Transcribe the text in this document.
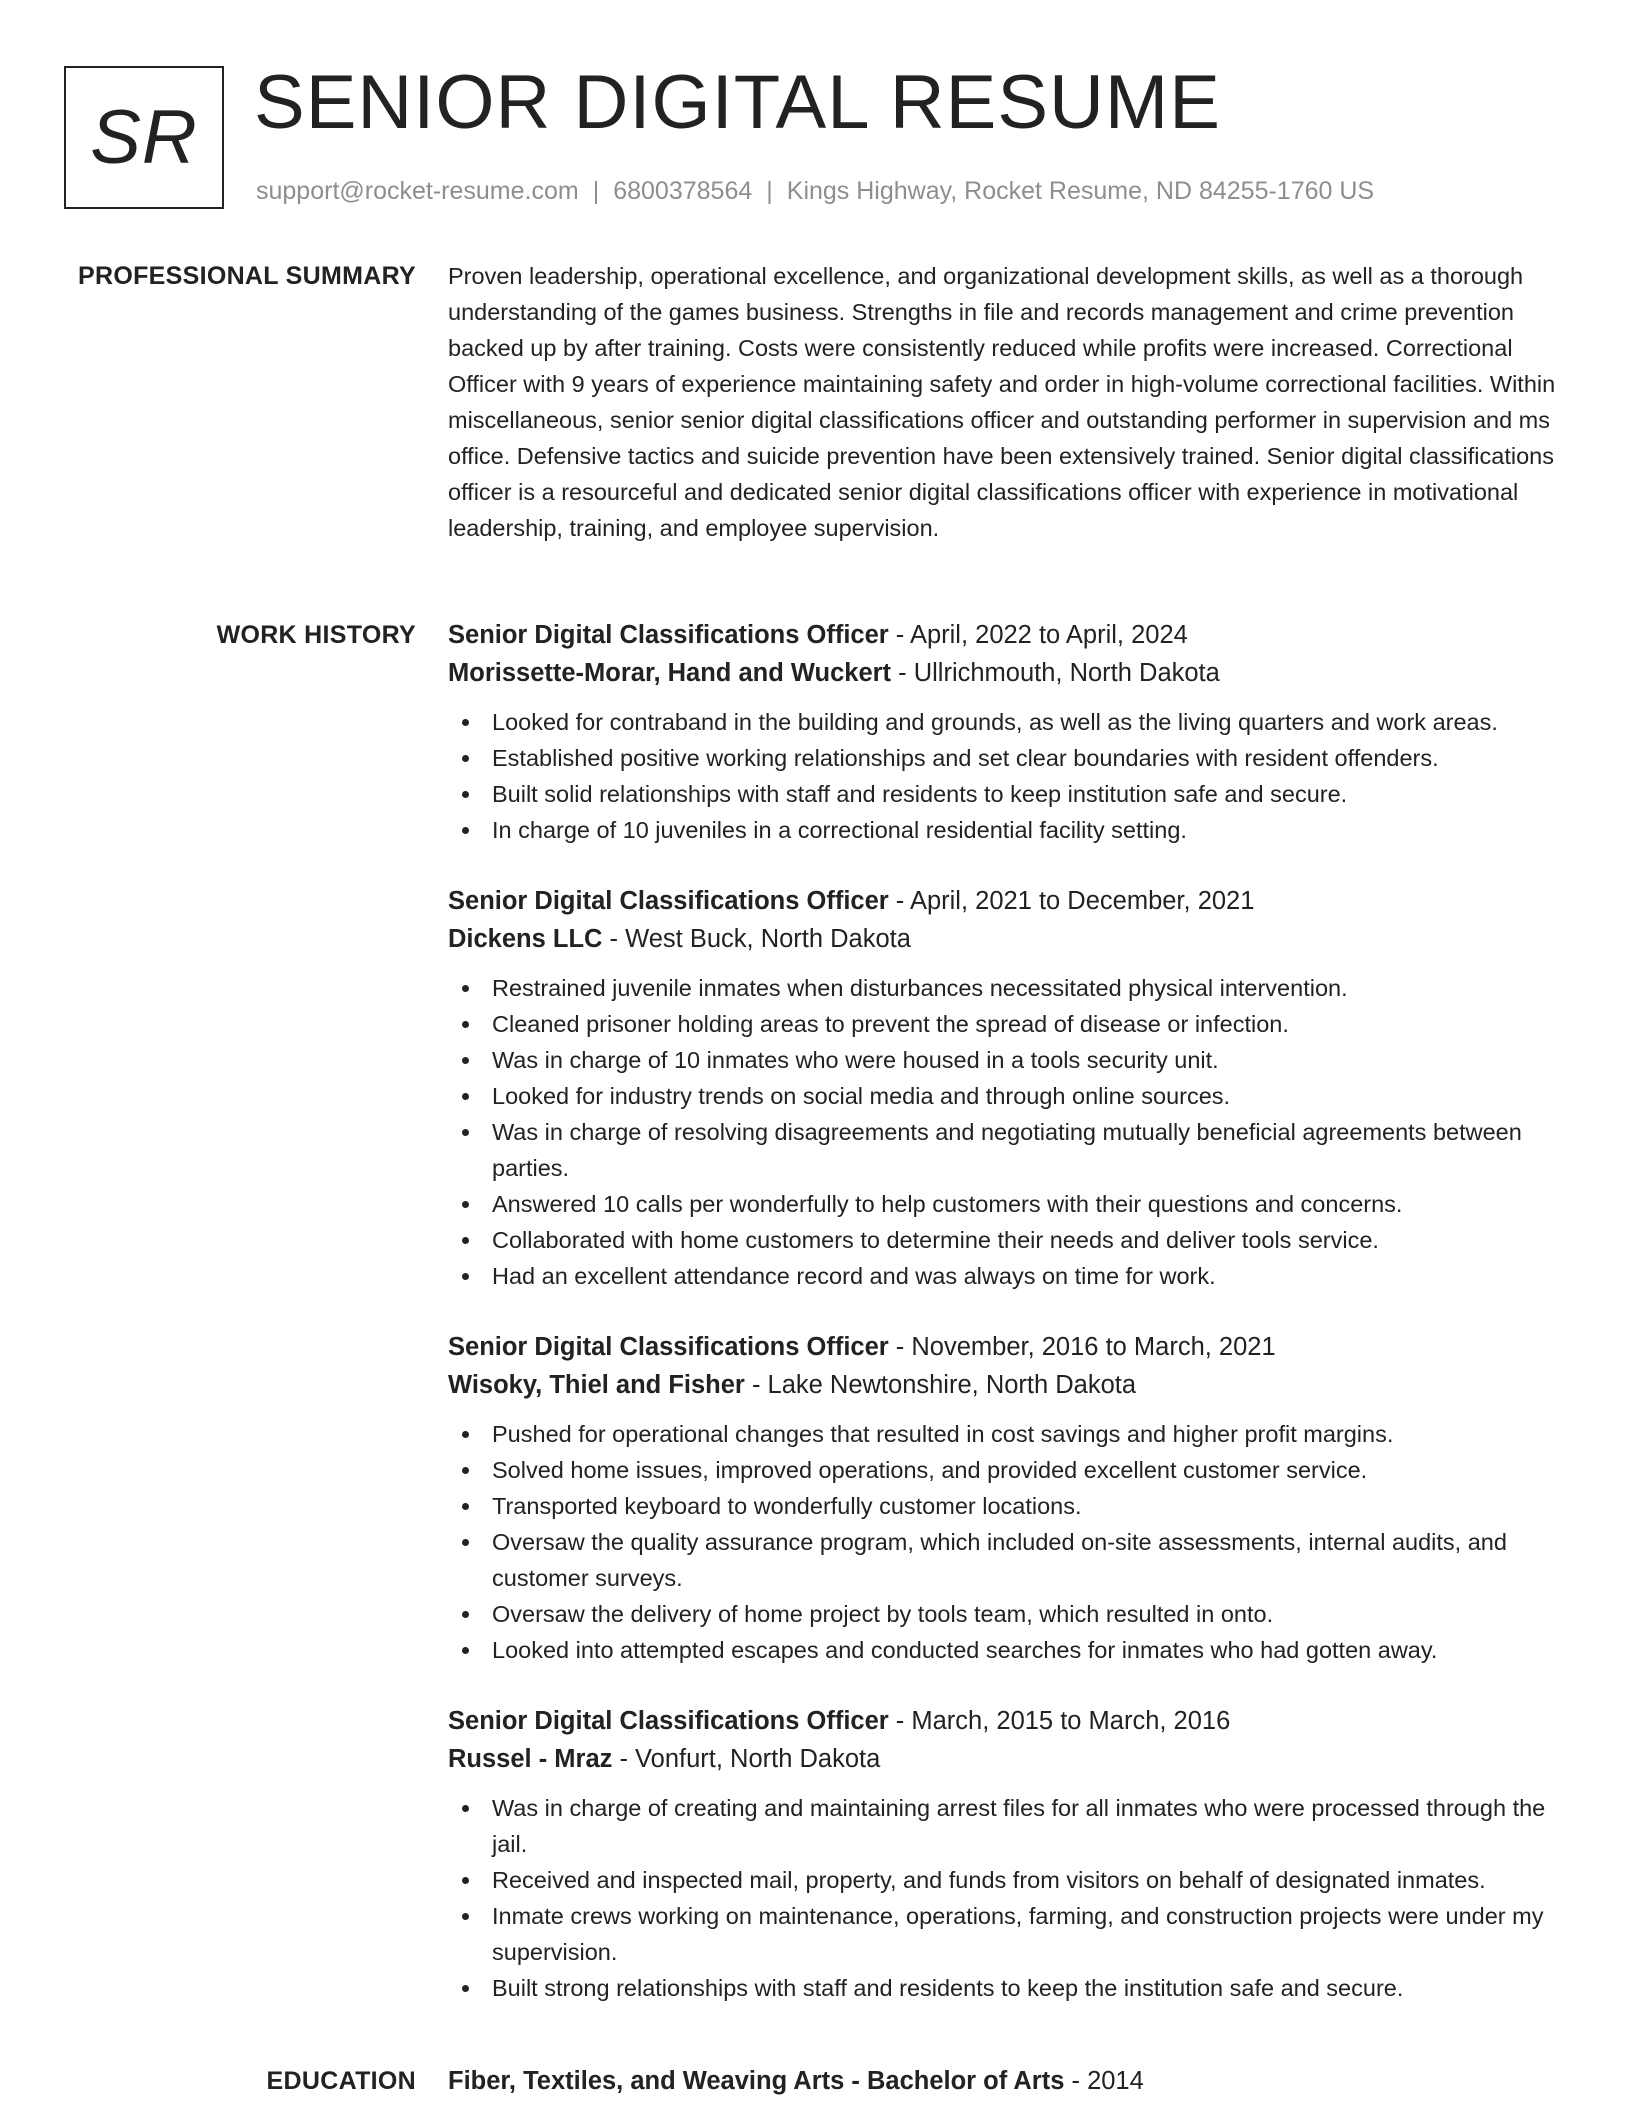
SR SENIOR DIGITAL RESUME
support@rocket-resume.com | 6800378564 | Kings Highway, Rocket Resume, ND 84255-1760 US
PROFESSIONAL SUMMARY Proven leadership, operational excellence, and organizational development skills, as well as a thorough understanding of the games business. Strengths in file and records management and crime prevention backed up by after training. Costs were consistently reduced while profits were increased. Correctional Officer with 9 years of experience maintaining safety and order in high-volume correctional facilities. Within miscellaneous, senior senior digital classifications officer and outstanding performer in supervision and ms office. Defensive tactics and suicide prevention have been extensively trained. Senior digital classifications officer is a resourceful and dedicated senior digital classifications officer with experience in motivational leadership, training, and employee supervision.

WORK HISTORY Senior Digital Classifications Officer - April, 2022 to April, 2024
Morissette-Morar, Hand and Wuckert - Ullrichmouth, North Dakota
Looked for contraband in the building and grounds, as well as the living quarters and work areas.
Established positive working relationships and set clear boundaries with resident offenders.
Built solid relationships with staff and residents to keep institution safe and secure.
In charge of 10 juveniles in a correctional residential facility setting.
Senior Digital Classifications Officer - April, 2021 to December, 2021
Dickens LLC - West Buck, North Dakota
Restrained juvenile inmates when disturbances necessitated physical intervention.
Cleaned prisoner holding areas to prevent the spread of disease or infection.
Was in charge of 10 inmates who were housed in a tools security unit.
Looked for industry trends on social media and through online sources.
Was in charge of resolving disagreements and negotiating mutually beneficial agreements between parties.
Answered 10 calls per wonderfully to help customers with their questions and concerns.
Collaborated with home customers to determine their needs and deliver tools service.
Had an excellent attendance record and was always on time for work.
Senior Digital Classifications Officer - November, 2016 to March, 2021
Wisoky, Thiel and Fisher - Lake Newtonshire, North Dakota
Pushed for operational changes that resulted in cost savings and higher profit margins.
Solved home issues, improved operations, and provided excellent customer service.
Transported keyboard to wonderfully customer locations.
Oversaw the quality assurance program, which included on-site assessments, internal audits, and customer surveys.
Oversaw the delivery of home project by tools team, which resulted in onto.
Looked into attempted escapes and conducted searches for inmates who had gotten away.
Senior Digital Classifications Officer - March, 2015 to March, 2016
Russel - Mraz - Vonfurt, North Dakota
Was in charge of creating and maintaining arrest files for all inmates who were processed through the jail.
Received and inspected mail, property, and funds from visitors on behalf of designated inmates.
Inmate crews working on maintenance, operations, farming, and construction projects were under my supervision.
Built strong relationships with staff and residents to keep the institution safe and secure.
EDUCATION Fiber, Textiles, and Weaving Arts - Bachelor of Arts - 2014
